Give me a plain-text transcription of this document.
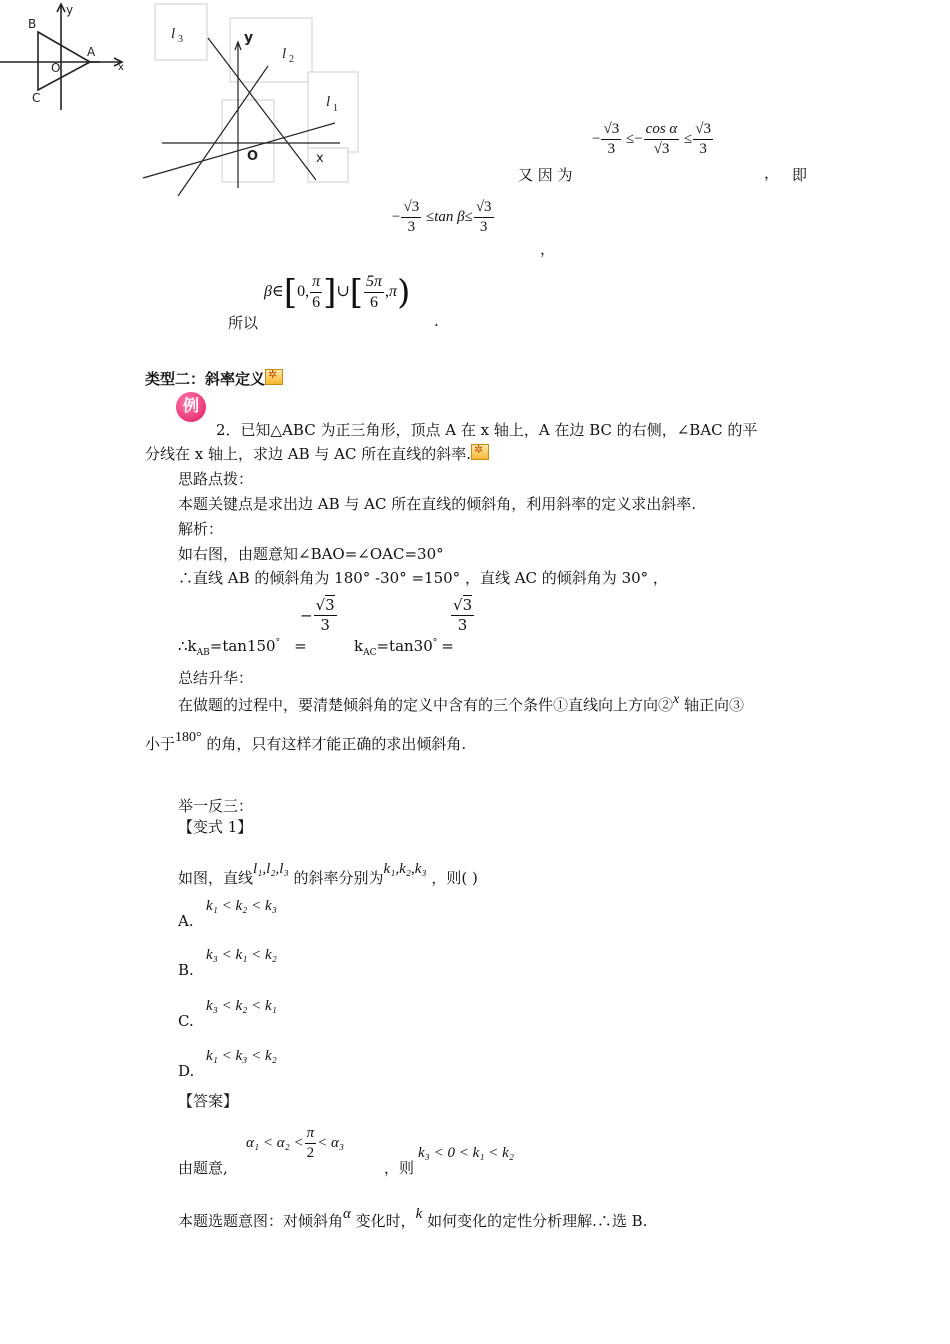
B
y
A
x
O
C
l 3	y
l 2
l 1
O	x
又 因 为
− $\frac{√3}{3} \le- \frac{\text{cos α}}{√3} \le \frac{√3}{3}$
， 即
− $\frac{√3}{3} \le\tan$ $\beta\le \frac{√3}{3}$
，
β∈[0, $\frac{\pi}{6}$ ]∪[ $\frac{5\pi}{6} ,\pi$)
所以	.
类型二：斜率定义✲
例
2．已知△ABC 为正三角形，顶点 A 在 x 轴上，A 在边 BC 的右侧，∠BAC 的平
分线在 x 轴上，求边 AB 与 AC 所在直线的斜率.✲
思路点拨：
本题关键点是求出边 AB 与 AC 所在直线的倾斜角，利用斜率的定义求出斜率.
解析：
如右图，由题意知∠BAO=∠OAC=30°
∴直线 AB 的倾斜角为 180° -30° =150° ，直线 AC 的倾斜角为 30° ，
$\therefore k_{AB}=\tan 150^\circ$ =
− $\frac{√3}{3}$
$k_{AC}=\tan 30^\circ$ =
$\frac{√3}{3}$
总结升华：
在做题的过程中，要清楚倾斜角的定义中含有的三个条件①直线向上方向②x 轴正向③
小于180° 的角，只有这样才能正确的求出倾斜角.
举一反三：
【变式 1】
如图，直线l₁,l₂,l₃ 的斜率分别为k₁,k₂,k₃ ，则( )
A.
k₁ < k₂ < k₃
B.
k₃ < k₁ < k₂
C.
k₃ < k₂ < k₁
D.
k₁ < k₃ < k₂
【答案】
由题意,
$\alpha_1 < \alpha_2 < \frac{\pi}{2} < \alpha_3$
，则
k₃ < 0 < k₁ < k₂
本题选题意图：对倾斜角α 变化时，k 如何变化的定性分析理解.∴选 B.
